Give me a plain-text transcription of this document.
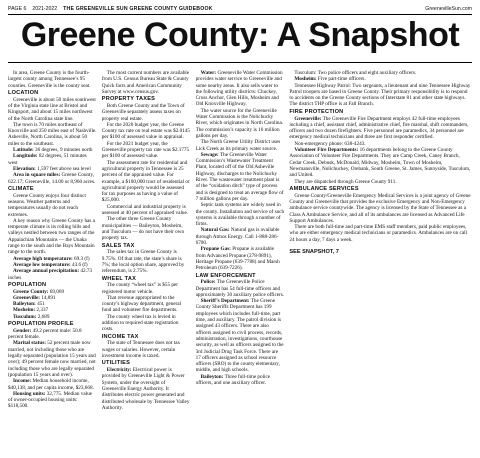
PAGE 6 2021-2022 THE GREENEVILLE SUN GREENE COUNTY GUIDEBOOK	GreenevilleSun.com
Greene County: A Snapshot

In area, Greene County is the fourth-largest county among Tennessee’s 95 counties. Greeneville is the county seat.

LOCATION

Greeneville is about 50 miles southwest of the Virginia state line at Bristol and Kingsport, and about 15 miles northwest of the North Carolina state line.

The town is 70 miles northeast of Knoxville and 250 miles east of Nashville. Asheville, North Carolina, is about 50 miles to the southeast.

Latitude: 36 degrees, 9 minutes north

Longitude: 82 degrees, 51 minutes west

Elevation: 1,597 feet above sea level

Area in square miles: Greene County, 622.17; Greeneville, 14.00 or 8,960 acres.

CLIMATE

Greene County enjoys four distinct seasons. Weather patterns and temperatures usually do not reach extremes.

A key reason why Greene County has a temperate climate is its rolling hills and valleys nestled between two ranges of the Appalachian Mountains — the Unaka range to the south and the Bays Mountain range to the north.

Average high temperature: 69.3 (f)

Average low temperature: 43.6 (f)

Average annual precipitation: 42.73 inches

POPULATION

Greene County: 69,069

Greeneville: 14,891

Baileyton: 451

Mosheim: 2,337

Tusculum: 2,689

POPULATION PROFILE

Gender: 49.2 percent male: 50.8 percent female.

Marital status: 52 percent male now married, not including those who are legally separated (population 15 years and over); 49 percent female now married, not including those who are legally separated (population 15 years and over).

Income: Median household income, $40,138, and per capita income, $23,668.

Housing units: 32,775. Median value of owner-occupied housing units: $118,500.

The most current numbers are available from U.S. Census Bureau State & County Quick facts and American Community Survey at www.census.gov.

PROPERTY TAXES

Both Greene County and the Town of Greeneville separately assess taxes on property real estate.

For the 2020 budget year, the Greene County tax rate on real estate was $2.0145 per $100 of assessed value in appraisal.

For the 2021 budget year, the Greeneville property tax rate was $2.1775 per $100 of assessed value.

The assessment rate for residential and agricultural property in Tennessee is 25 percent of the appraised value. For example, a $100,000 tract of residential or agricultural property would be assessed for tax purposes as having a value of $25,000.

Commercial and industrial property is assessed at 40 percent of appraised value.

The other three Greene County municipalities — Baileyton, Mosheim, and Tusculum — do not have their own property tax.

SALES TAX

The sales tax in Greene County is 9.75%. Of that rate, the state’s share is 7%; the local option share, approved by referendum, is 2.75%.

WHEEL TAX

The county “wheel tax” is $55 per registered motor vehicle.

That revenue appropriated to the county’s highway department, general fund and volunteer fire departments.

The county wheel tax is levied in addition to required state registration costs.

INCOME TAX

The state of Tennessee does not tax wages or salaries. However, certain investment income is taxed.

UTILITIES

Electricity: Electrical power is provided by Greeneville Light & Power System, under the oversight of Greeneville Energy Authority. It distributes electric power generated and distributed wholesale by Tennessee Valley Authority.

Water: Greeneville Water Commission provides water service to Greeneville and some nearby areas. It also sells water to the following utility districts: Chuckey, Cross Anchor, Glen Hills, Mosheim and Old Knoxville Highway.

The water source for the Greeneville Water Commission is the Nolichucky River, which originates in North Carolina. The commission’s capacity is 16 million gallons per day.

The North Greene Utility District uses Lick Creek as its primary water source.

Sewage: The Greeneville Water Commission’s Wastewater Treatment Plant, located off of the Old Asheville Highway, discharges to the Nolichucky River. The wastewater treatment plant is of the “oxidation ditch” type of process and is designed to treat an average flow of 7 million gallons per day.

Septic tank systems are widely used in the county. Installation and service of such systems is available through a number of firms.

Natural Gas: Natural gas is available through Atmos Energy. Call 1-888-286-6700.

Propane Gas: Propane is available from Advanced Propane (278-9891), Heritage Propane (639-7788) and Marsh Petroleum (639-7226).

LAW ENFORCEMENT

Police: The Greeneville Police Department has 54 full-time officers and approximately 30 auxiliary police officers.

Sheriff’s Department: The Greene County Sheriffs Department has 199 employees which includes full-time, part time, and auxiliary. The patrol division is assigned 43 officers. There are also officers assigned to civil process, records, administration, investigations, courthouse security, as well as officers assigned to the 3rd Judicial Drug Task Force. There are 17 officers assigned as school resource officers (SRO) to the county elementary, middle, and high schools.

Baileyton: Three full-time police officers, and one auxiliary officer.

Tusculum: Two police officers and eight auxiliary officers.

Mosheim: Five part-time officers.

Tennessee Highway Patrol: Two sergeants, a lieutenant and nine Tennessee Highway Patrol troopers are based in Greene County. Their primary responsibility is to respond to accidents on the Greene County sections of Interstate 81 and other state highways. The district THP office is at Fall Branch.

FIRE PROTECTION

Greeneville: The Greeneville Fire Department employs 42 full-time employees including a chief, assistant chief, administrative chief, fire marshal, shift commanders, officers and two dozen firefighters. Five personnel are paramedics, 34 personnel are emergency medical technicians and three are first responder certified.

Non-emergency phone: 638-4243.

Volunteer Fire Departments: 16 departments belong to the Greene County Association of Volunteer Fire Departments. They are Camp Creek, Caney Branch, Cedar Creek, Debusk, McDonald, Midway, Mosheim, Town of Mosheim, Newmansville, Nolichuckey, Orebank, South Greene, St. James, Sunnyside, Tusculum, and United.

They are dispatched through Greene County 911.

AMBULANCE SERVICES

Greene County/Greeneville Emergency Medical Services is a joint agency of Greene County and Greeneville that provides the exclusive Emergency and Non-Emergency ambulance service countywide. The agency is licensed by the State of Tennessee as a Class A Ambulance Service, and all of its ambulances are licensed as Advanced Life Support Ambulances.

There are both full-time and part-time EMS staff members, paid public employees, who are either emergency medical technicians or paramedics. Ambulances are on call 24 hours a day, 7 days a week.

SEE SNAPSHOT, 7
